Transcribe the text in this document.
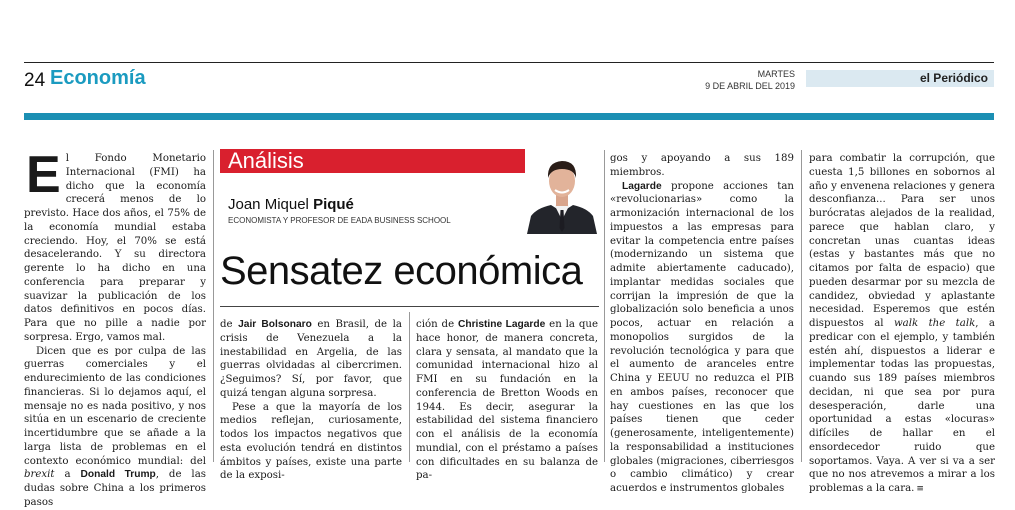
24 Economía	MARTES
9 DE ABRIL DEL 2019
el Periódico

El Fondo Monetario Internacional (FMI) ha dicho que la economía crecerá menos de lo previsto. Hace dos años, el 75% de la economía mundial estaba creciendo. Hoy, el 70% se está desacelerando. Y su directora gerente lo ha dicho en una conferencia para preparar y suavizar la publicación de los datos definitivos en pocos días. Para que no pille a nadie por sorpresa. Ergo, vamos mal.

Dicen que es por culpa de las guerras comerciales y el endurecimiento de las condiciones financieras. Si lo dejamos aquí, el mensaje no es nada positivo, y nos sitúa en un escenario de creciente incertidumbre que se añade a la larga lista de problemas en el contexto económico mundial: del brexit a Donald Trump, de las dudas sobre China a los primeros pasos

Análisis
Joan Miquel Piqué
ECONOMISTA Y PROFESOR DE EADA BUSINESS SCHOOL
Sensatez económica

de Jair Bolsonaro en Brasil, de la crisis de Venezuela a la inestabilidad en Argelia, de las guerras olvidadas al cibercrimen. ¿Seguimos? Sí, por favor, que quizá tengan alguna sorpresa.

Pese a que la mayoría de los medios reflejan, curiosamente, todos los impactos negativos que esta evolución tendrá en distintos ámbitos y países, existe una parte de la exposi-

ción de Christine Lagarde en la que hace honor, de manera concreta, clara y sensata, al mandato que la comunidad internacional hizo al FMI en su fundación en la conferencia de Bretton Woods en 1944. Es decir, asegurar la estabilidad del sistema financiero con el análisis de la economía mundial, con el préstamo a países con dificultades en su balanza de pa-

gos y apoyando a sus 189 miembros.

Lagarde propone acciones tan «revolucionarias» como la armonización internacional de los impuestos a las empresas para evitar la competencia entre países (modernizando un sistema que admite abiertamente caducado), implantar medidas sociales que corrijan la impresión de que la globalización solo beneficia a unos pocos, actuar en relación a monopolios surgidos de la revolución tecnológica y para que el aumento de aranceles entre China y EEUU no reduzca el PIB en ambos países, reconocer que hay cuestiones en las que los países tienen que ceder (generosamente, inteligentemente) la responsabilidad a instituciones globales (migraciones, ciberriesgos o cambio climático) y crear acuerdos e instrumentos globales

para combatir la corrupción, que cuesta 1,5 billones en sobornos al año y envenena relaciones y genera desconfianza... Para ser unos burócratas alejados de la realidad, parece que hablan claro, y concretan unas cuantas ideas (estas y bastantes más que no citamos por falta de espacio) que pueden desarmar por su mezcla de candidez, obviedad y aplastante necesidad. Esperemos que estén dispuestos al walk the talk, a predicar con el ejemplo, y también estén ahí, dispuestos a liderar e implementar todas las propuestas, cuando sus 189 países miembros decidan, ni que sea por pura desesperación, darle una oportunidad a estas «locuras» difíciles de hallar en el ensordecedor ruido que soportamos. Vaya. A ver si va a ser que no nos atrevemos a mirar a los problemas a la cara. ≡
